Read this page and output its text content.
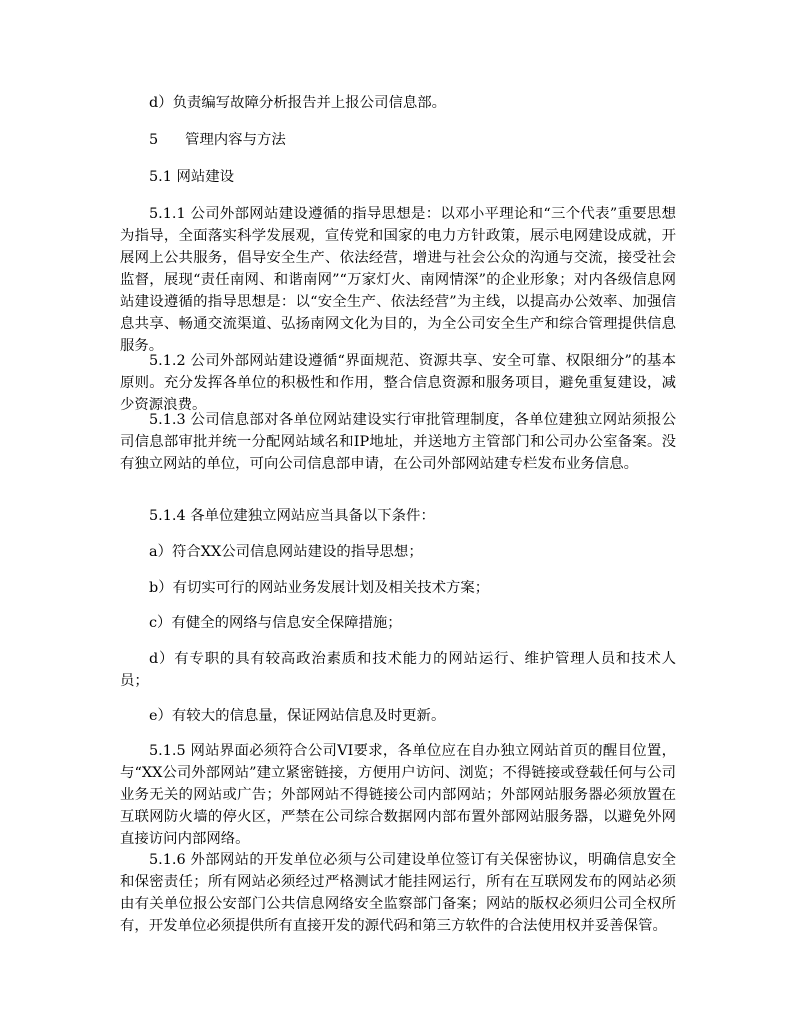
d）负责编写故障分析报告并上报公司信息部。

5 管理内容与方法

5.1 网站建设

5.1.1 公司外部网站建设遵循的指导思想是：以邓小平理论和“三个代表”重要思想为指导，全面落实科学发展观，宣传党和国家的电力方针政策，展示电网建设成就，开展网上公共服务，倡导安全生产、依法经营，增进与社会公众的沟通与交流，接受社会监督，展现“责任南网、和谐南网”“万家灯火、南网情深”的企业形象；对内各级信息网站建设遵循的指导思想是：以“安全生产、依法经营”为主线，以提高办公效率、加强信息共享、畅通交流渠道、弘扬南网文化为目的，为全公司安全生产和综合管理提供信息服务。

5.1.2 公司外部网站建设遵循“界面规范、资源共享、安全可靠、权限细分”的基本原则。充分发挥各单位的积极性和作用，整合信息资源和服务项目，避免重复建设，减少资源浪费。

5.1.3 公司信息部对各单位网站建设实行审批管理制度，各单位建独立网站须报公司信息部审批并统一分配网站域名和IP地址，并送地方主管部门和公司办公室备案。没有独立网站的单位，可向公司信息部申请，在公司外部网站建专栏发布业务信息。

5.1.4 各单位建独立网站应当具备以下条件：

a）符合XX公司信息网站建设的指导思想；

b）有切实可行的网站业务发展计划及相关技术方案；

c）有健全的网络与信息安全保障措施；

d）有专职的具有较高政治素质和技术能力的网站运行、维护管理人员和技术人员；

e）有较大的信息量，保证网站信息及时更新。

5.1.5 网站界面必须符合公司VI要求，各单位应在自办独立网站首页的醒目位置，与“XX公司外部网站”建立紧密链接，方便用户访问、浏览；不得链接或登载任何与公司业务无关的网站或广告；外部网站不得链接公司内部网站；外部网站服务器必须放置在互联网防火墙的停火区，严禁在公司综合数据网内部布置外部网站服务器，以避免外网直接访问内部网络。

5.1.6 外部网站的开发单位必须与公司建设单位签订有关保密协议，明确信息安全和保密责任；所有网站必须经过严格测试才能挂网运行，所有在互联网发布的网站必须由有关单位报公安部门公共信息网络安全监察部门备案；网站的版权必须归公司全权所有，开发单位必须提供所有直接开发的源代码和第三方软件的合法使用权并妥善保管。
